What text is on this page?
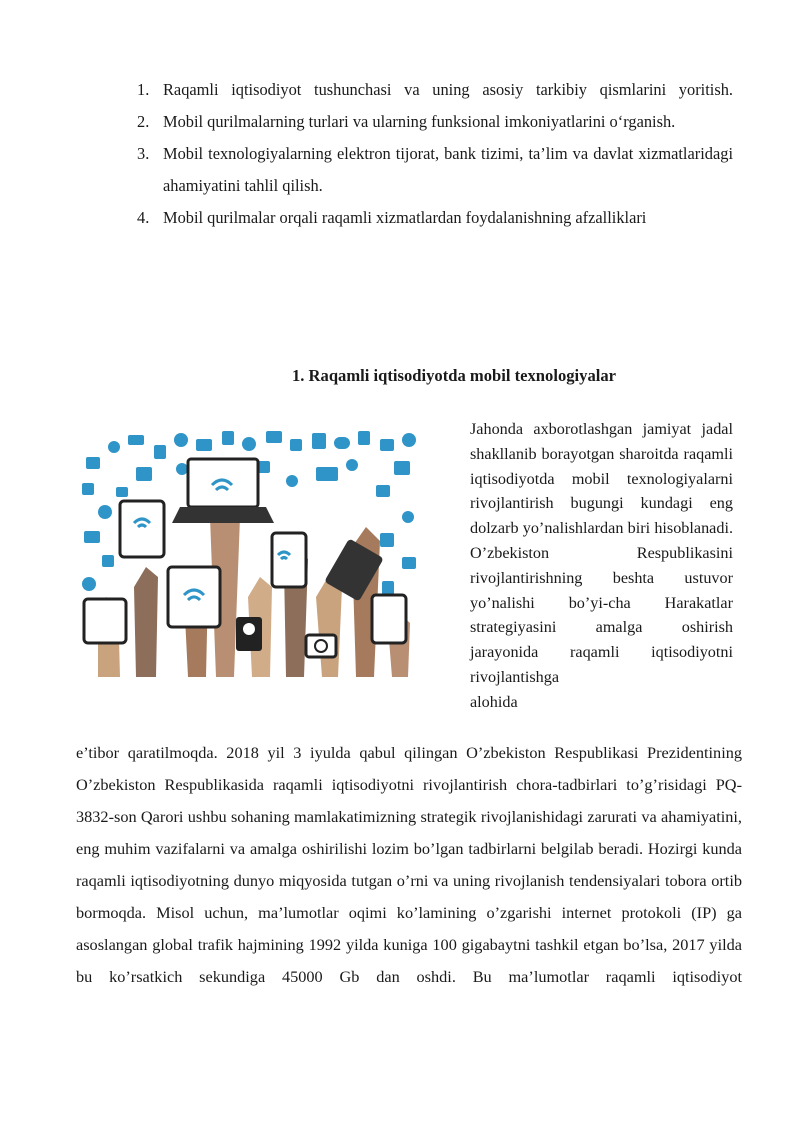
1. Raqamli iqtisodiyot tushunchasi va uning asosiy tarkibiy qismlarini yoritish.
2. Mobil qurilmalarning turlari va ularning funksional imkoniyatlarini oʻrganish.
3. Mobil texnologiyalarning elektron tijorat, bank tizimi, ta’lim va davlat xizmatlaridagi ahamiyatini tahlil qilish.
4. Mobil qurilmalar orqali raqamli xizmatlardan foydalanishning afzalliklari
1. Raqamli iqtisodiyotda mobil texnologiyalar

Jahonda axborotlashgan jamiyat jadal shakllanib borayotgan sharoitda raqamli iqtisodiyotda mobil texnologiyalarni rivojlantirish bugungi kundagi eng dolzarb yo’nalishlardan biri hisoblanadi. O’zbekiston Respublikasini rivojlantirishning beshta ustuvor yo’nalishi bo’yi-cha Harakatlar strategiyasini amalga oshirish jarayonida raqamli iqtisodiyotni rivojlantishga
alohida

e’tibor qaratilmoqda. 2018 yil 3 iyulda qabul qilingan O’zbekiston Respublikasi Prezidentining O’zbekiston Respublikasida raqamli iqtisodiyotni rivojlantirish chora-tadbirlari to’g’risidagi PQ-3832-son Qarori ushbu sohaning mamlakatimizning strategik rivojlanishidagi zarurati va ahamiyatini, eng muhim vazifalarni va amalga oshirilishi lozim bo’lgan tadbirlarni belgilab beradi. Hozirgi kunda raqamli iqtisodiyotning dunyo miqyosida tutgan o’rni va uning rivojlanish tendensiyalari tobora ortib bormoqda. Misol uchun, ma’lumotlar oqimi ko’lamining o’zgarishi internet protokoli (IP) ga asoslangan global trafik hajmining 1992 yilda kuniga 100 gigabaytni tashkil etgan bo’lsa, 2017 yilda bu ko’rsatkich sekundiga 45000 Gb dan oshdi. Bu ma’lumotlar raqamli iqtisodiyot
